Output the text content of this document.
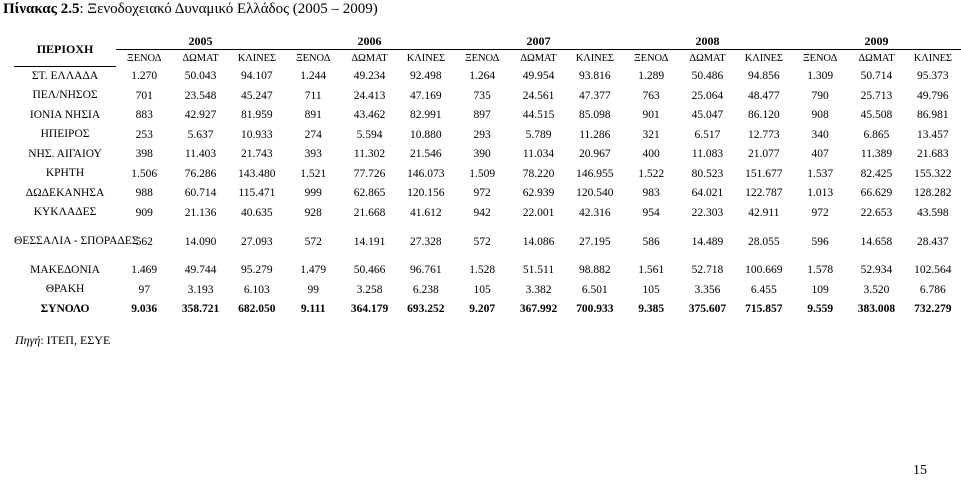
Πίνακας 2.5: Ξενοδοχειακό Δυναμικό Ελλάδος (2005 – 2009)
ΠΕΡΙΟΧΗ	2005			2006			2007			2008			2009		
	ΞΕΝΟΔ	ΔΩΜΑΤ	ΚΛΙΝΕΣ	ΞΕΝΟΔ	ΔΩΜΑΤ	ΚΛΙΝΕΣ	ΞΕΝΟΔ	ΔΩΜΑΤ	ΚΛΙΝΕΣ	ΞΕΝΟΔ	ΔΩΜΑΤ	ΚΛΙΝΕΣ	ΞΕΝΟΔ	ΔΩΜΑΤ	ΚΛΙΝΕΣ
ΣΤ. ΕΛΛΑΔΑ	1.270	50.043	94.107	1.244	49.234	92.498	1.264	49.954	93.816	1.289	50.486	94.856	1.309	50.714	95.373
ΠΕΛ/ΝΗΣΟΣ	701	23.548	45.247	711	24.413	47.169	735	24.561	47.377	763	25.064	48.477	790	25.713	49.796
ΙΟΝΙΑ ΝΗΣΙΑ	883	42.927	81.959	891	43.462	82.991	897	44.515	85.098	901	45.047	86.120	908	45.508	86.981
ΗΠΕΙΡΟΣ	253	5.637	10.933	274	5.594	10.880	293	5.789	11.286	321	6.517	12.773	340	6.865	13.457
ΝΗΣ. ΑΙΓΑΙΟΥ	398	11.403	21.743	393	11.302	21.546	390	11.034	20.967	400	11.083	21.077	407	11.389	21.683
ΚΡΗΤΗ	1.506	76.286	143.480	1.521	77.726	146.073	1.509	78.220	146.955	1.522	80.523	151.677	1.537	82.425	155.322
ΔΩΔΕΚΑΝΗΣΑ	988	60.714	115.471	999	62.865	120.156	972	62.939	120.540	983	64.021	122.787	1.013	66.629	128.282
ΚΥΚΛΑΔΕΣ	909	21.136	40.635	928	21.668	41.612	942	22.001	42.316	954	22.303	42.911	972	22.653	43.598
ΘΕΣΣΑΛΙΑ - ΣΠΟΡΑΔΕΣ	562	14.090	27.093	572	14.191	27.328	572	14.086	27.195	586	14.489	28.055	596	14.658	28.437
ΜΑΚΕΔΟΝΙΑ	1.469	49.744	95.279	1.479	50.466	96.761	1.528	51.511	98.882	1.561	52.718	100.669	1.578	52.934	102.564
ΘΡΑΚΗ	97	3.193	6.103	99	3.258	6.238	105	3.382	6.501	105	3.356	6.455	109	3.520	6.786
ΣΥΝΟΛΟ	9.036	358.721	682.050	9.111	364.179	693.252	9.207	367.992	700.933	9.385	375.607	715.857	9.559	383.008	732.279
Πηγή: ΙΤΕΠ, ΕΣΥΕ
15
